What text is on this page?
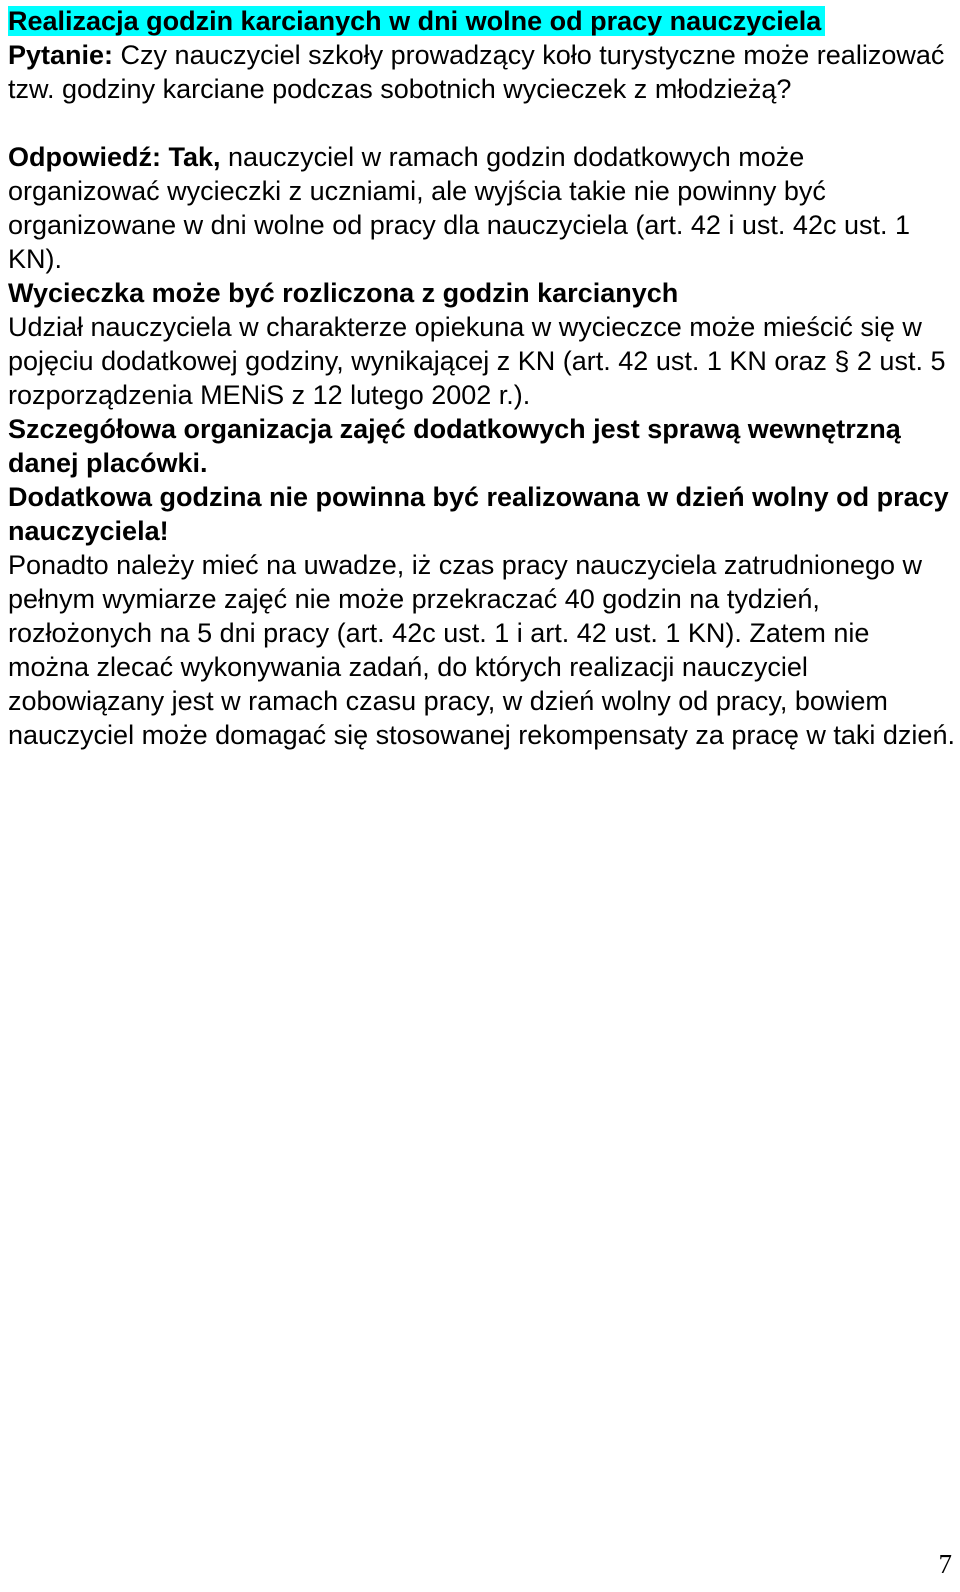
Realizacja godzin karcianych w dni wolne od pracy nauczyciela

Pytanie: Czy nauczyciel szkoły prowadzący koło turystyczne może realizować tzw. godziny karciane podczas sobotnich wycieczek z młodzieżą?

Odpowiedź: Tak, nauczyciel w ramach godzin dodatkowych może organizować wycieczki z uczniami, ale wyjścia takie nie powinny być organizowane w dni wolne od pracy dla nauczyciela (art. 42 i ust. 42c ust. 1 KN).

Wycieczka może być rozliczona z godzin karcianych

Udział nauczyciela w charakterze opiekuna w wycieczce może mieścić się w pojęciu dodatkowej godziny, wynikającej z KN (art. 42 ust. 1 KN oraz § 2 ust. 5 rozporządzenia MENiS z 12 lutego 2002 r.).

Szczegółowa organizacja zajęć dodatkowych jest sprawą wewnętrzną danej placówki.

Dodatkowa godzina nie powinna być realizowana w dzień wolny od pracy nauczyciela!

Ponadto należy mieć na uwadze, iż czas pracy nauczyciela zatrudnionego w pełnym wymiarze zajęć nie może przekraczać 40 godzin na tydzień, rozłożonych na 5 dni pracy (art. 42c ust. 1 i art. 42 ust. 1 KN). Zatem nie można zlecać wykonywania zadań, do których realizacji nauczyciel zobowiązany jest w ramach czasu pracy, w dzień wolny od pracy, bowiem nauczyciel może domagać się stosowanej rekompensaty za pracę w taki dzień.

7
